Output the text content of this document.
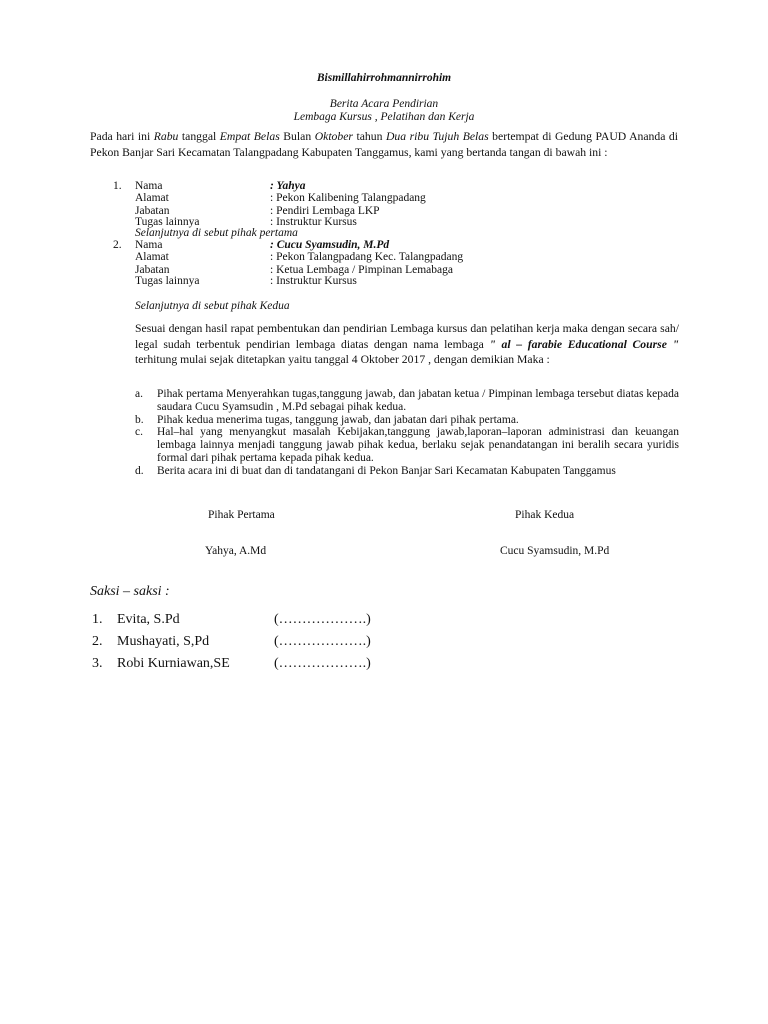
Bismillahirrohmannirrohim
Berita Acara Pendirian
Lembaga Kursus , Pelatihan dan Kerja
Pada hari ini Rabu tanggal Empat Belas Bulan Oktober tahun Dua ribu Tujuh Belas bertempat di Gedung PAUD Ananda di Pekon Banjar Sari Kecamatan Talangpadang Kabupaten Tanggamus, kami yang bertanda tangan di bawah ini :
1. Nama	: Yahya
Alamat	: Pekon Kalibening Talangpadang
Jabatan	: Pendiri Lembaga LKP
Tugas lainnya	: Instruktur Kursus
Selanjutnya di sebut pihak pertama
2. Nama	: Cucu Syamsudin, M.Pd
Alamat	: Pekon Talangpadang Kec. Talangpadang
Jabatan	: Ketua Lembaga / Pimpinan Lemabaga
Tugas lainnya	: Instruktur Kursus
Selanjutnya di sebut pihak Kedua
Sesuai dengan hasil rapat pembentukan dan pendirian Lembaga kursus dan pelatihan kerja maka dengan secara sah/ legal sudah terbentuk pendirian lembaga diatas dengan nama lembaga " al – farabie Educational Course " terhitung mulai sejak ditetapkan yaitu tanggal 4 Oktober 2017 , dengan demikian Maka :
a. Pihak pertama Menyerahkan tugas,tanggung jawab, dan jabatan ketua / Pimpinan lembaga tersebut diatas kepada saudara Cucu Syamsudin , M.Pd sebagai pihak kedua.
b. Pihak kedua menerima tugas, tanggung jawab, dan jabatan dari pihak pertama.
c. Hal–hal yang menyangkut masalah Kebijakan,tanggung jawab,laporan–laporan administrasi dan keuangan lembaga lainnya menjadi tanggung jawab pihak kedua, berlaku sejak penandatangan ini beralih secara yuridis formal dari pihak pertama kepada pihak kedua.
d. Berita acara ini di buat dan di tandatangani di Pekon Banjar Sari Kecamatan Kabupaten Tanggamus
Pihak Pertama	Pihak Kedua
Yahya, A.Md	Cucu Syamsudin, M.Pd
Saksi – saksi :
1. Evita, S.Pd	(……………….)
2. Mushayati, S,Pd	(……………….)
3. Robi Kurniawan,SE	(……………….)
